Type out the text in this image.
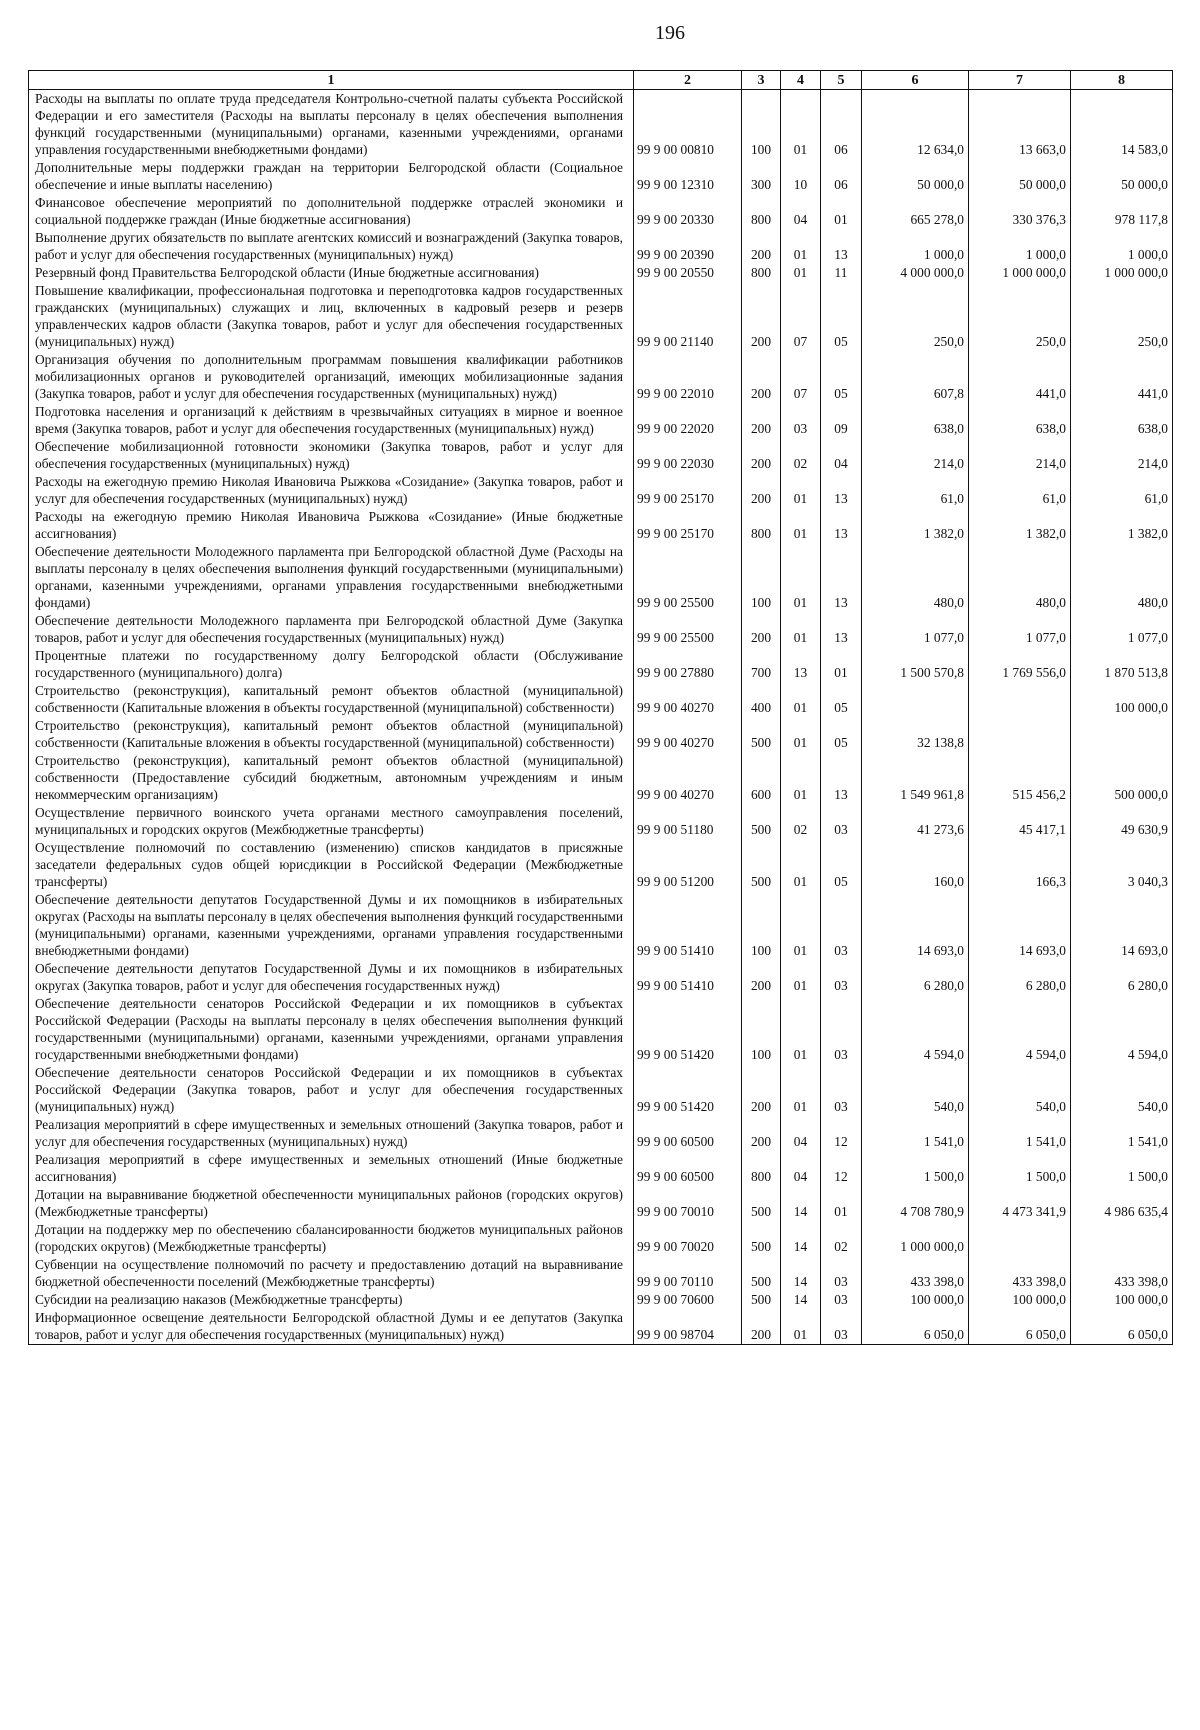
196
1	2	3	4	5	6	7	8
Расходы на выплаты по оплате труда председателя Контрольно-счетной палаты субъекта Российской Федерации и его заместителя (Расходы на выплаты персоналу в целях обеспечения выполнения функций государственными (муниципальными) органами, казенными учреждениями, органами управления государственными внебюджетными фондами)	99 9 00 00810	100	01	06	12 634,0	13 663,0	14 583,0
Дополнительные меры поддержки граждан на территории Белгородской области (Социальное обеспечение и иные выплаты населению)	99 9 00 12310	300	10	06	50 000,0	50 000,0	50 000,0
Финансовое обеспечение мероприятий по дополнительной поддержке отраслей экономики и социальной поддержке граждан (Иные бюджетные ассигнования)	99 9 00 20330	800	04	01	665 278,0	330 376,3	978 117,8
Выполнение других обязательств по выплате агентских комиссий и вознаграждений (Закупка товаров, работ и услуг для обеспечения государственных (муниципальных) нужд)	99 9 00 20390	200	01	13	1 000,0	1 000,0	1 000,0
Резервный фонд Правительства Белгородской области (Иные бюджетные ассигнования)	99 9 00 20550	800	01	11	4 000 000,0	1 000 000,0	1 000 000,0
Повышение квалификации, профессиональная подготовка и переподготовка кадров государственных гражданских (муниципальных) служащих и лиц, включенных в кадровый резерв и резерв управленческих кадров области (Закупка товаров, работ и услуг для обеспечения государственных (муниципальных) нужд)	99 9 00 21140	200	07	05	250,0	250,0	250,0
Организация обучения по дополнительным программам повышения квалификации работников мобилизационных органов и руководителей организаций, имеющих мобилизационные задания (Закупка товаров, работ и услуг для обеспечения государственных (муниципальных) нужд)	99 9 00 22010	200	07	05	607,8	441,0	441,0
Подготовка населения и организаций к действиям в чрезвычайных ситуациях в мирное и военное время (Закупка товаров, работ и услуг для обеспечения государственных (муниципальных) нужд)	99 9 00 22020	200	03	09	638,0	638,0	638,0
Обеспечение мобилизационной готовности экономики (Закупка товаров, работ и услуг для обеспечения государственных (муниципальных) нужд)	99 9 00 22030	200	02	04	214,0	214,0	214,0
Расходы на ежегодную премию Николая Ивановича Рыжкова «Созидание» (Закупка товаров, работ и услуг для обеспечения государственных (муниципальных) нужд)	99 9 00 25170	200	01	13	61,0	61,0	61,0
Расходы на ежегодную премию Николая Ивановича Рыжкова «Созидание» (Иные бюджетные ассигнования)	99 9 00 25170	800	01	13	1 382,0	1 382,0	1 382,0
Обеспечение деятельности Молодежного парламента при Белгородской областной Думе (Расходы на выплаты персоналу в целях обеспечения выполнения функций государственными (муниципальными) органами, казенными учреждениями, органами управления государственными внебюджетными фондами)	99 9 00 25500	100	01	13	480,0	480,0	480,0
Обеспечение деятельности Молодежного парламента при Белгородской областной Думе (Закупка товаров, работ и услуг для обеспечения государственных (муниципальных) нужд)	99 9 00 25500	200	01	13	1 077,0	1 077,0	1 077,0
Процентные платежи по государственному долгу Белгородской области (Обслуживание государственного (муниципального) долга)	99 9 00 27880	700	13	01	1 500 570,8	1 769 556,0	1 870 513,8
Строительство (реконструкция), капитальный ремонт объектов областной (муниципальной) собственности (Капитальные вложения в объекты государственной (муниципальной) собственности)	99 9 00 40270	400	01	05			100 000,0
Строительство (реконструкция), капитальный ремонт объектов областной (муниципальной) собственности (Капитальные вложения в объекты государственной (муниципальной) собственности)	99 9 00 40270	500	01	05	32 138,8		
Строительство (реконструкция), капитальный ремонт объектов областной (муниципальной) собственности (Предоставление субсидий бюджетным, автономным учреждениям и иным некоммерческим организациям)	99 9 00 40270	600	01	13	1 549 961,8	515 456,2	500 000,0
Осуществление первичного воинского учета органами местного самоуправления поселений, муниципальных и городских округов (Межбюджетные трансферты)	99 9 00 51180	500	02	03	41 273,6	45 417,1	49 630,9
Осуществление полномочий по составлению (изменению) списков кандидатов в присяжные заседатели федеральных судов общей юрисдикции в Российской Федерации (Межбюджетные трансферты)	99 9 00 51200	500	01	05	160,0	166,3	3 040,3
Обеспечение деятельности депутатов Государственной Думы и их помощников в избирательных округах (Расходы на выплаты персоналу в целях обеспечения выполнения функций государственными (муниципальными) органами, казенными учреждениями, органами управления государственными внебюджетными фондами)	99 9 00 51410	100	01	03	14 693,0	14 693,0	14 693,0
Обеспечение деятельности депутатов Государственной Думы и их помощников в избирательных округах (Закупка товаров, работ и услуг для обеспечения государственных нужд)	99 9 00 51410	200	01	03	6 280,0	6 280,0	6 280,0
Обеспечение деятельности сенаторов Российской Федерации и их помощников в субъектах Российской Федерации (Расходы на выплаты персоналу в целях обеспечения выполнения функций государственными (муниципальными) органами, казенными учреждениями, органами управления государственными внебюджетными фондами)	99 9 00 51420	100	01	03	4 594,0	4 594,0	4 594,0
Обеспечение деятельности сенаторов Российской Федерации и их помощников в субъектах Российской Федерации (Закупка товаров, работ и услуг для обеспечения государственных (муниципальных) нужд)	99 9 00 51420	200	01	03	540,0	540,0	540,0
Реализация мероприятий в сфере имущественных и земельных отношений (Закупка товаров, работ и услуг для обеспечения государственных (муниципальных) нужд)	99 9 00 60500	200	04	12	1 541,0	1 541,0	1 541,0
Реализация мероприятий в сфере имущественных и земельных отношений (Иные бюджетные ассигнования)	99 9 00 60500	800	04	12	1 500,0	1 500,0	1 500,0
Дотации на выравнивание бюджетной обеспеченности муниципальных районов (городских округов) (Межбюджетные трансферты)	99 9 00 70010	500	14	01	4 708 780,9	4 473 341,9	4 986 635,4
Дотации на поддержку мер по обеспечению сбалансированности бюджетов муниципальных районов (городских округов) (Межбюджетные трансферты)	99 9 00 70020	500	14	02	1 000 000,0		
Субвенции на осуществление полномочий по расчету и предоставлению дотаций на выравнивание бюджетной обеспеченности поселений (Межбюджетные трансферты)	99 9 00 70110	500	14	03	433 398,0	433 398,0	433 398,0
Субсидии на реализацию наказов (Межбюджетные трансферты)	99 9 00 70600	500	14	03	100 000,0	100 000,0	100 000,0
Информационное освещение деятельности Белгородской областной Думы и ее депутатов (Закупка товаров, работ и услуг для обеспечения государственных (муниципальных) нужд)	99 9 00 98704	200	01	03	6 050,0	6 050,0	6 050,0
